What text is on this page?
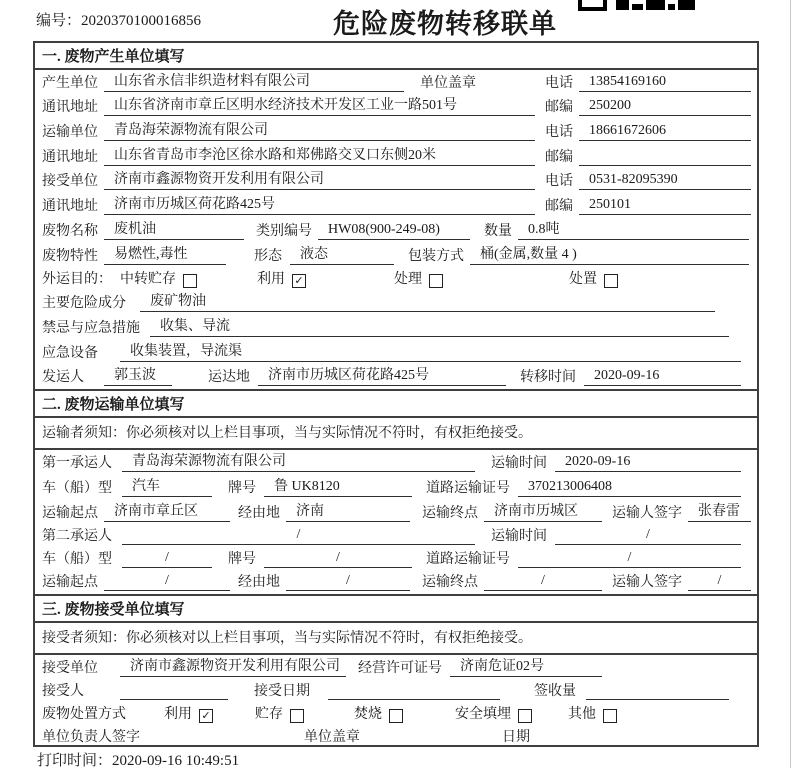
编号：2020370100016856	危险废物转移联单
一. 废物产生单位填写
产生单位	山东省永信非织造材料有限公司	单位盖章	电话	13854169160
通讯地址	山东省济南市章丘区明水经济技术开发区工业一路501号	邮编	250200
运输单位	青岛海荣源物流有限公司	电话	18661672606
通讯地址	山东省青岛市李沧区徐水路和郑佛路交叉口东侧20米	邮编
接受单位	济南市鑫源物资开发利用有限公司	电话	0531-82095390
通讯地址	济南市历城区荷花路425号	邮编	250101
废物名称	废机油	类别编号	HW08(900-249-08)	数量	0.8吨
废物特性	易燃性,毒性	形态	液态	包装方式	桶(金属,数量 4 )
外运目的： 中转贮存	利用 ✓	处理	处置
主要危险成分	废矿物油
禁忌与应急措施	收集、导流
应急设备	收集装置，导流渠
发运人	郭玉波	运达地	济南市历城区荷花路425号	转移时间	2020-09-16
二. 废物运输单位填写
运输者须知：你必须核对以上栏目事项，当与实际情况不符时，有权拒绝接受。
第一承运人	青岛海荣源物流有限公司	运输时间	2020-09-16
车（船）型	汽车	牌号	鲁 UK8120	道路运输证号	370213006408
运输起点	济南市章丘区	经由地	济南	运输终点	济南市历城区	运输人签字	张春雷
第二承运人	/	运输时间	/
车（船）型	/	牌号	/	道路运输证号	/
运输起点	/	经由地	/	运输终点	/	运输人签字	/
三. 废物接受单位填写
接受者须知：你必须核对以上栏目事项，当与实际情况不符时，有权拒绝接受。
接受单位	济南市鑫源物资开发利用有限公司	经营许可证号	济南危证02号
接受人	接受日期	签收量
废物处置方式	利用 ✓	贮存	焚烧	安全填埋	其他
单位负责人签字	单位盖章	日期
打印时间：2020-09-16 10:49:51
